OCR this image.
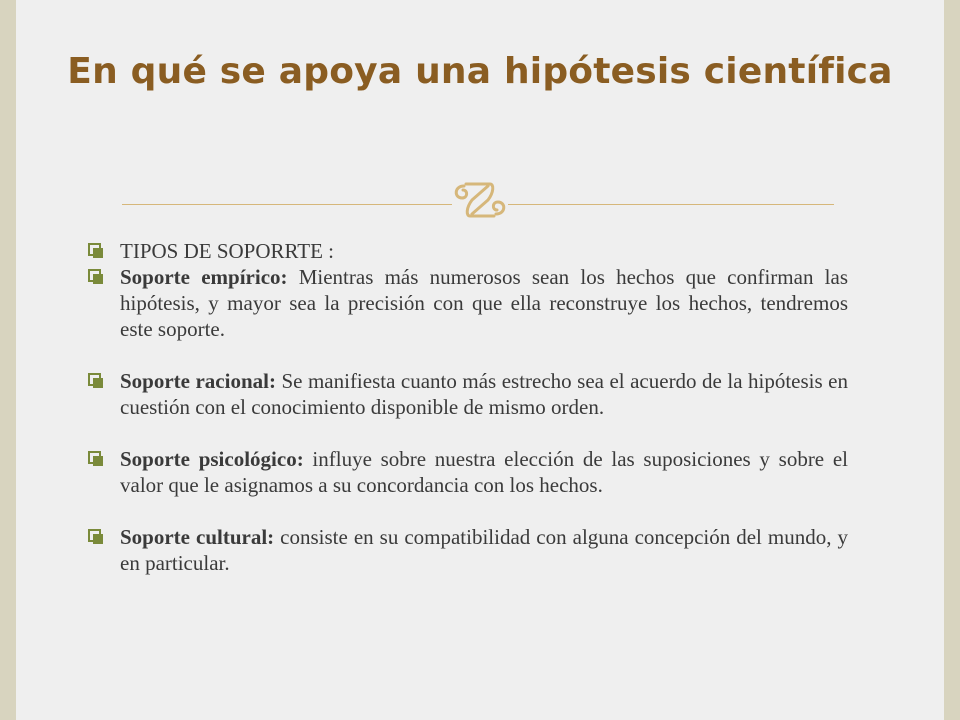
En qué se apoya una hipótesis científica
TIPOS DE SOPORRTE :
Soporte empírico: Mientras más numerosos sean los hechos que confirman las hipótesis, y mayor sea la precisión con que ella reconstruye los hechos, tendremos este soporte.
Soporte racional: Se manifiesta cuanto más estrecho sea el acuerdo de la hipótesis en cuestión con el conocimiento disponible de mismo orden.
Soporte psicológico: influye sobre nuestra elección de las suposiciones y sobre el valor que le asignamos a su concordancia con los hechos.
Soporte cultural: consiste en su compatibilidad con alguna concepción del mundo, y en particular.
